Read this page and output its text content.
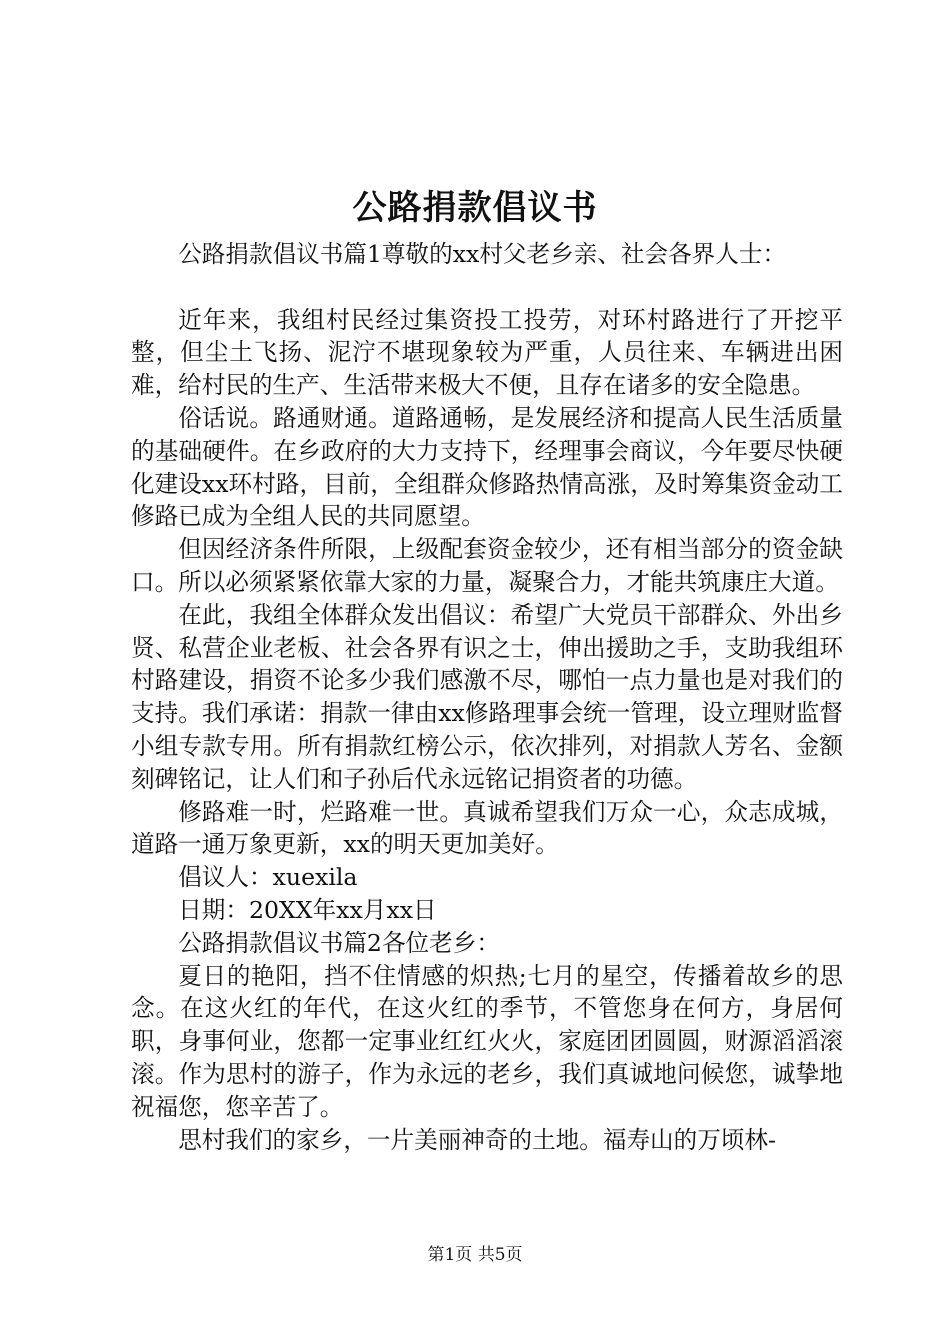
公路捐款倡议书

公路捐款倡议书篇1尊敬的xx村父老乡亲、社会各界人士：

近年来，我组村民经过集资投工投劳，对环村路进行了开挖平整，但尘土飞扬、泥泞不堪现象较为严重，人员往来、车辆进出困难，给村民的生产、生活带来极大不便，且存在诸多的安全隐患。

俗话说。路通财通。道路通畅，是发展经济和提高人民生活质量的基础硬件。在乡政府的大力支持下，经理事会商议，今年要尽快硬化建设xx环村路，目前，全组群众修路热情高涨，及时筹集资金动工修路已成为全组人民的共同愿望。

但因经济条件所限，上级配套资金较少，还有相当部分的资金缺口。所以必须紧紧依靠大家的力量，凝聚合力，才能共筑康庄大道。

在此，我组全体群众发出倡议：希望广大党员干部群众、外出乡贤、私营企业老板、社会各界有识之士，伸出援助之手，支助我组环村路建设，捐资不论多少我们感激不尽，哪怕一点力量也是对我们的支持。我们承诺：捐款一律由xx修路理事会统一管理，设立理财监督小组专款专用。所有捐款红榜公示，依次排列，对捐款人芳名、金额刻碑铭记，让人们和子孙后代永远铭记捐资者的功德。

修路难一时，烂路难一世。真诚希望我们万众一心，众志成城，道路一通万象更新，xx的明天更加美好。

倡议人：xuexila

日期：20XX年xx月xx日

公路捐款倡议书篇2各位老乡：

夏日的艳阳，挡不住情感的炽热;七月的星空，传播着故乡的思念。在这火红的年代，在这火红的季节，不管您身在何方，身居何职，身事何业，您都一定事业红红火火，家庭团团圆圆，财源滔滔滚滚。作为思村的游子，作为永远的老乡，我们真诚地问候您，诚挚地祝福您，您辛苦了。

思村我们的家乡，一片美丽神奇的土地。福寿山的万顷林-

第1页 共5页
